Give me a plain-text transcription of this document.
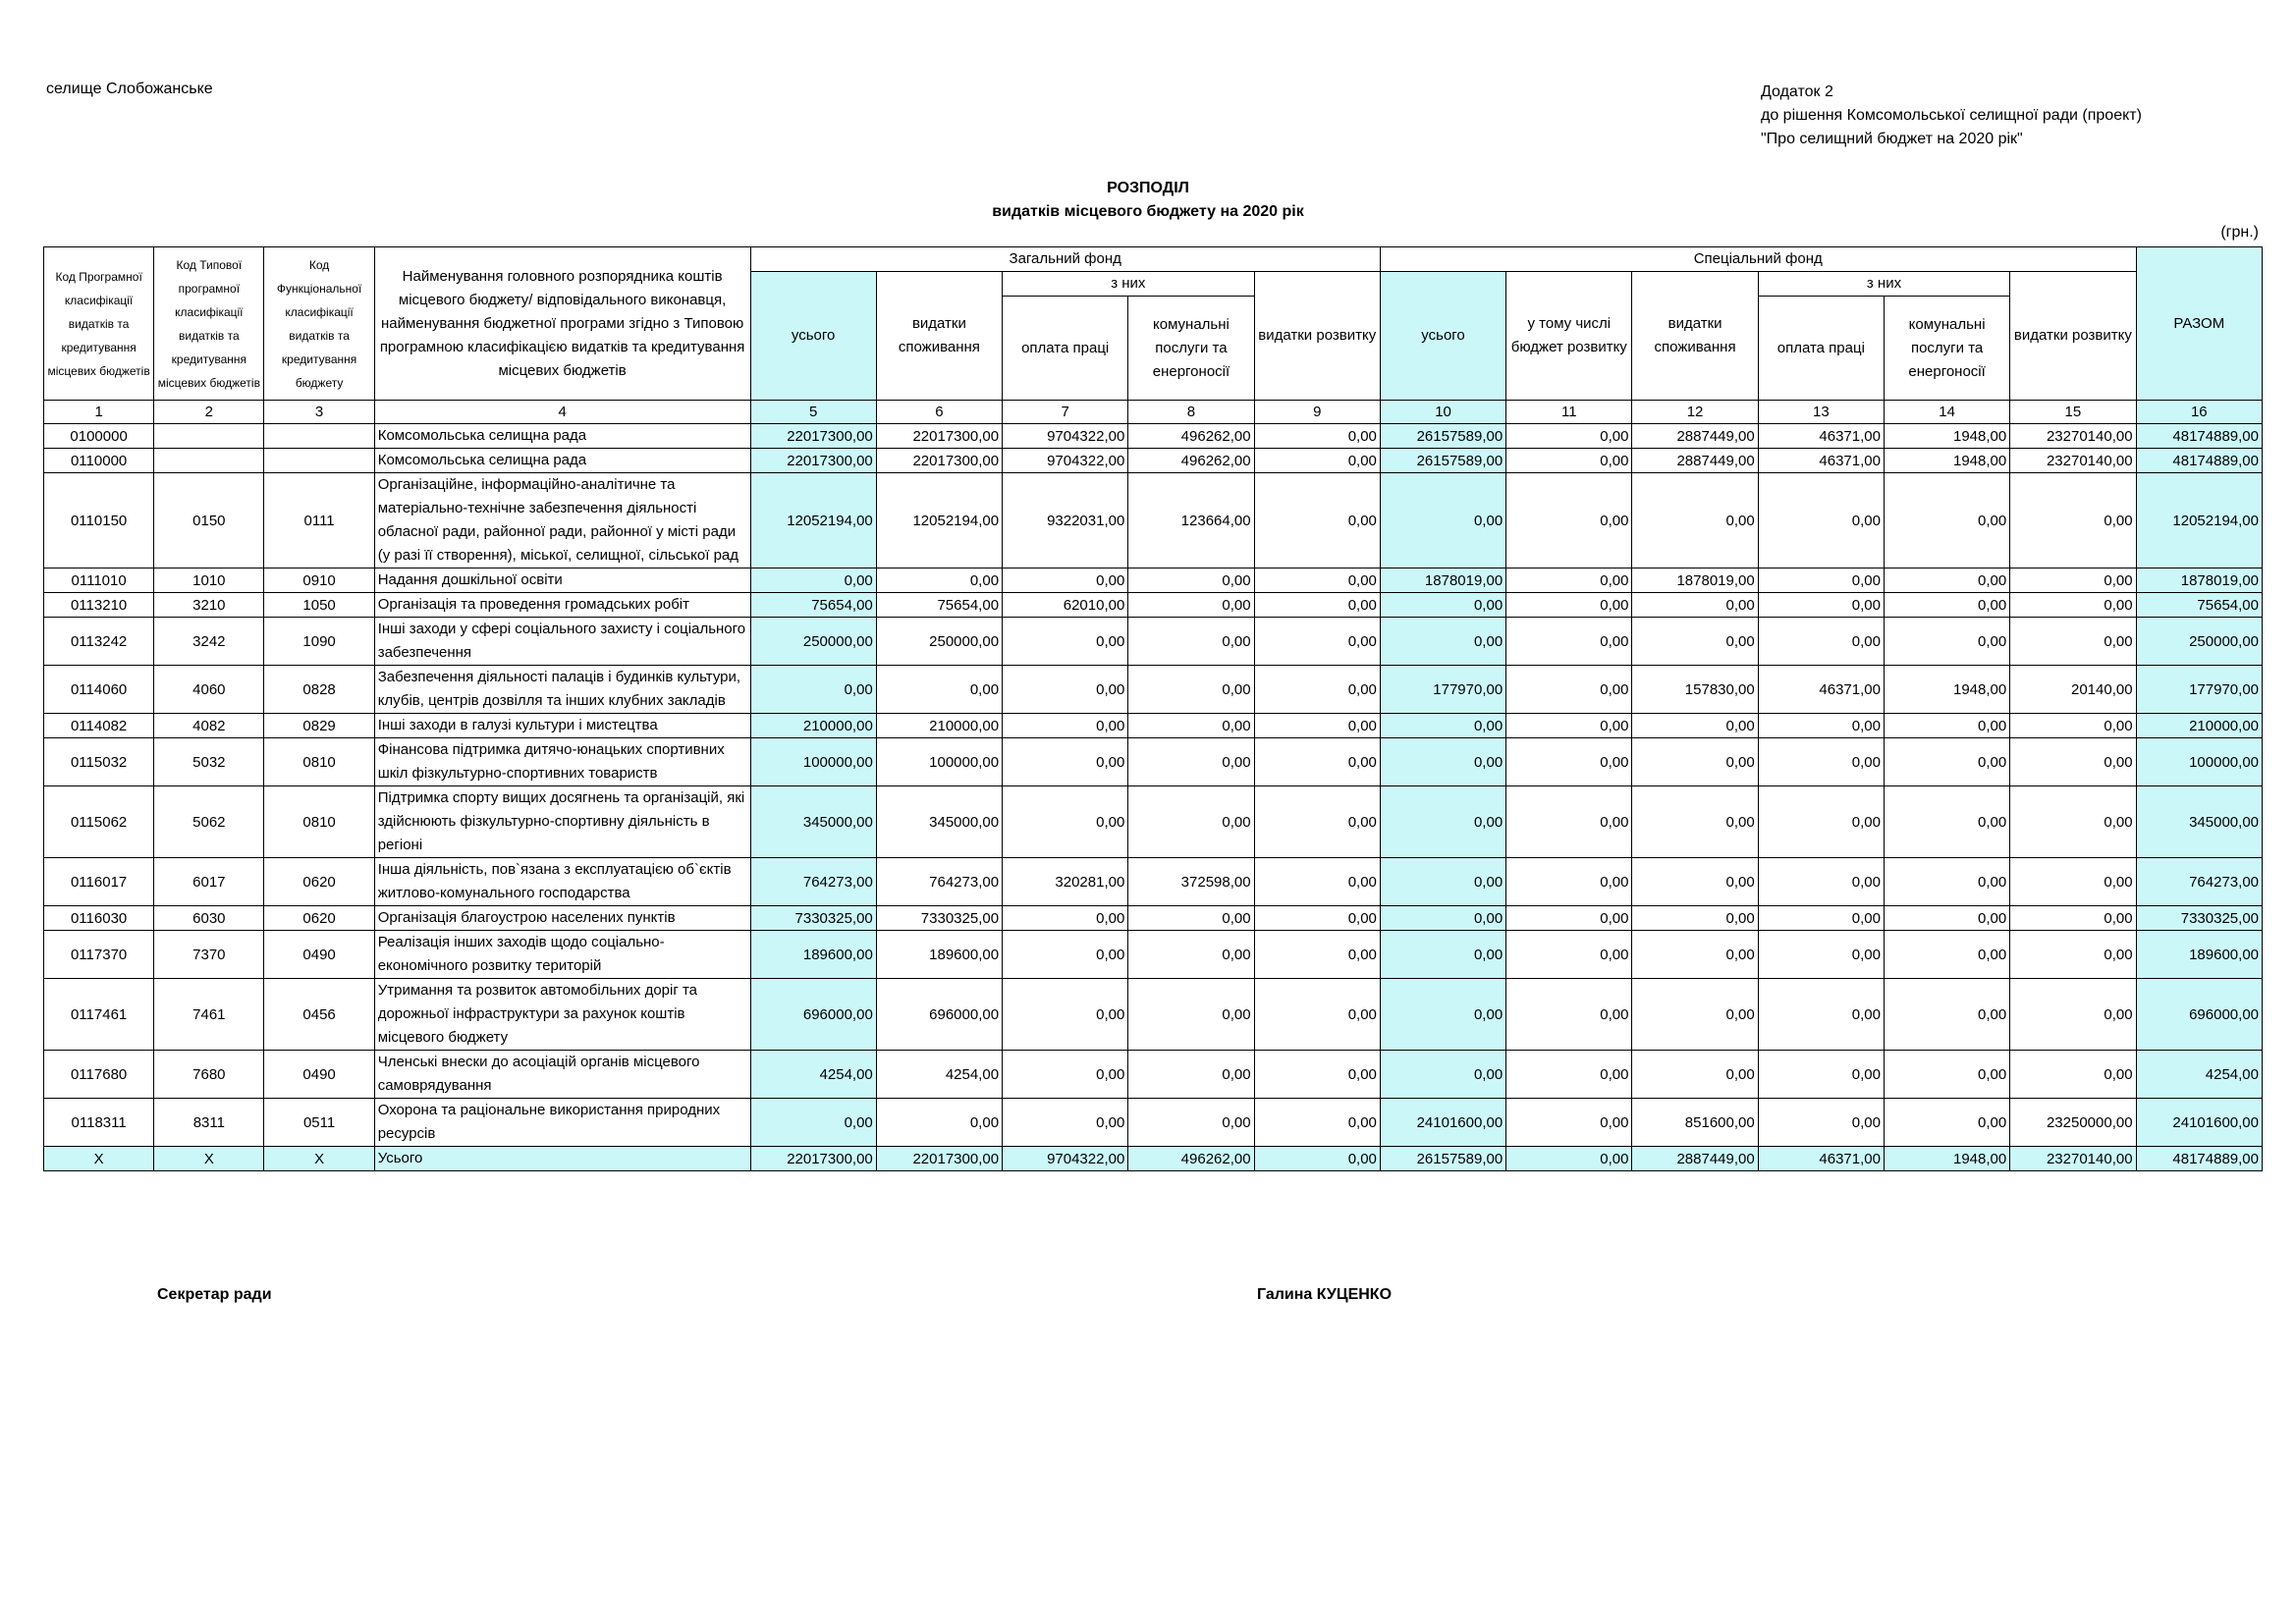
селище Слобожанське	Додаток 2
до рішення Комсомольської селищної ради (проект)
"Про селищний бюджет на 2020 рік"
РОЗПОДІЛ
видатків місцевого бюджету на 2020 рік
(грн.)
Код Програмної класифікації видатків та кредитування місцевих бюджетів	Код Типової програмної класифікації видатків та кредитування місцевих бюджетів	Код Функціональної класифікації видатків та кредитування бюджету	Найменування головного розпорядника коштів місцевого бюджету/ відповідального виконавця, найменування бюджетної програми згідно з Типовою програмною класифікацією видатків та кредитування місцевих бюджетів	Загальний фонд					Спеціальний фонд						РАЗОМ
				усього	видатки споживання	з них		видатки розвитку	усього	у тому числі бюджет розвитку	видатки споживання	з них		видатки розвитку	
						оплата праці	комунальні послуги та енергоносії					оплата праці	комунальні послуги та енергоносії		
1	2	3	4	5	6	7	8	9	10	11	12	13	14	15	16
0100000			Комсомольська селищна рада	22017300,00	22017300,00	9704322,00	496262,00	0,00	26157589,00	0,00	2887449,00	46371,00	1948,00	23270140,00	48174889,00
0110000			Комсомольська селищна рада	22017300,00	22017300,00	9704322,00	496262,00	0,00	26157589,00	0,00	2887449,00	46371,00	1948,00	23270140,00	48174889,00
0110150	0150	0111	Організаційне, інформаційно-аналітичне та матеріально-технічне забезпечення діяльності обласної ради, районної ради, районної у місті ради (у разі її створення), міської, селищної, сільської рад	12052194,00	12052194,00	9322031,00	123664,00	0,00	0,00	0,00	0,00	0,00	0,00	0,00	12052194,00
0111010	1010	0910	Надання дошкільної освіти	0,00	0,00	0,00	0,00	0,00	1878019,00	0,00	1878019,00	0,00	0,00	0,00	1878019,00
0113210	3210	1050	Організація та проведення громадських робіт	75654,00	75654,00	62010,00	0,00	0,00	0,00	0,00	0,00	0,00	0,00	0,00	75654,00
0113242	3242	1090	Інші заходи у сфері соціального захисту і соціального забезпечення	250000,00	250000,00	0,00	0,00	0,00	0,00	0,00	0,00	0,00	0,00	0,00	250000,00
0114060	4060	0828	Забезпечення діяльності палаців i будинків культури, клубів, центрів дозвілля та iнших клубних закладів	0,00	0,00	0,00	0,00	0,00	177970,00	0,00	157830,00	46371,00	1948,00	20140,00	177970,00
0114082	4082	0829	Інші заходи в галузі культури і мистецтва	210000,00	210000,00	0,00	0,00	0,00	0,00	0,00	0,00	0,00	0,00	0,00	210000,00
0115032	5032	0810	Фінансова підтримка дитячо-юнацьких спортивних шкіл фізкультурно-спортивних товариств	100000,00	100000,00	0,00	0,00	0,00	0,00	0,00	0,00	0,00	0,00	0,00	100000,00
0115062	5062	0810	Підтримка спорту вищих досягнень та організацій, які здійснюють фізкультурно-спортивну діяльність в регіоні	345000,00	345000,00	0,00	0,00	0,00	0,00	0,00	0,00	0,00	0,00	0,00	345000,00
0116017	6017	0620	Інша діяльність, пов`язана з експлуатацією об`єктів житлово-комунального господарства	764273,00	764273,00	320281,00	372598,00	0,00	0,00	0,00	0,00	0,00	0,00	0,00	764273,00
0116030	6030	0620	Організація благоустрою населених пунктів	7330325,00	7330325,00	0,00	0,00	0,00	0,00	0,00	0,00	0,00	0,00	0,00	7330325,00
0117370	7370	0490	Реалізація інших заходів щодо соціально-економічного розвитку територій	189600,00	189600,00	0,00	0,00	0,00	0,00	0,00	0,00	0,00	0,00	0,00	189600,00
0117461	7461	0456	Утримання та розвиток автомобільних доріг та дорожньої інфраструктури за рахунок коштів місцевого бюджету	696000,00	696000,00	0,00	0,00	0,00	0,00	0,00	0,00	0,00	0,00	0,00	696000,00
0117680	7680	0490	Членські внески до асоціацій органів місцевого самоврядування	4254,00	4254,00	0,00	0,00	0,00	0,00	0,00	0,00	0,00	0,00	0,00	4254,00
0118311	8311	0511	Охорона та раціональне використання природних ресурсів	0,00	0,00	0,00	0,00	0,00	24101600,00	0,00	851600,00	0,00	0,00	23250000,00	24101600,00
X	X	X	Усього	22017300,00	22017300,00	9704322,00	496262,00	0,00	26157589,00	0,00	2887449,00	46371,00	1948,00	23270140,00	48174889,00
Секретар ради	Галина КУЦЕНКО
